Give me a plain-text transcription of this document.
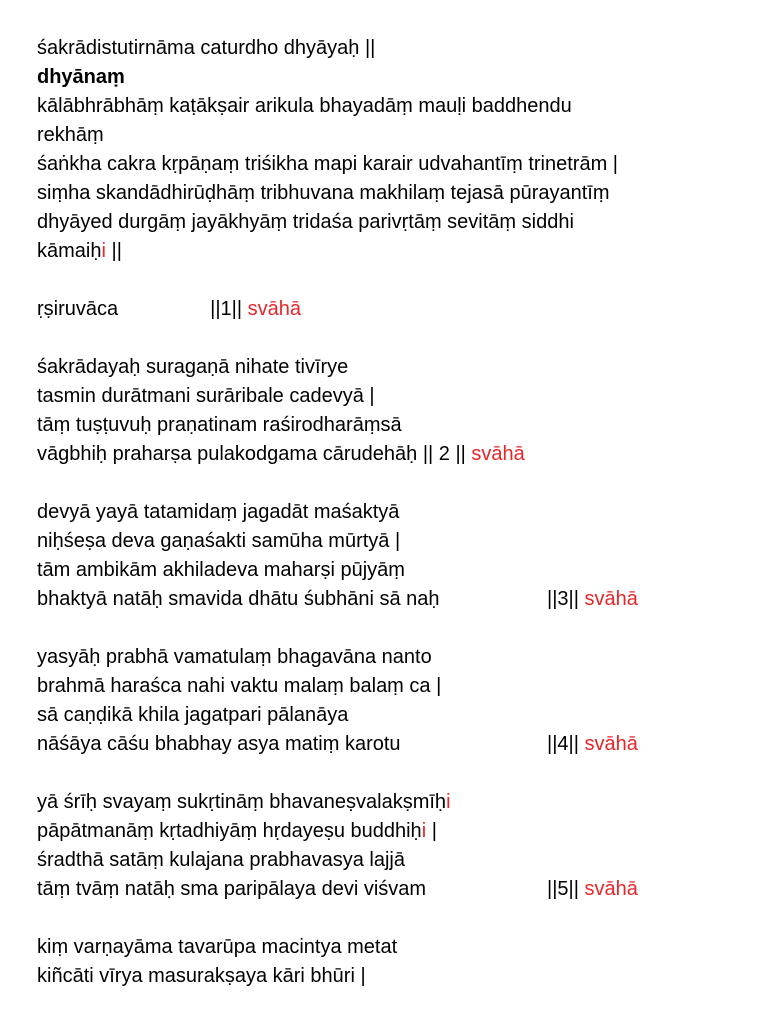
śakrādistutirnāma caturdho dhyāyaḥ ||
dhyānaṃ
kālābhrābhāṃ kaṭākṣair arikula bhayadāṃ mauḷi baddhendu
rekhāṃ
śaṅkha cakra kṛpāṇaṃ triśikha mapi karair udvahantīṃ trinetrām |
siṃha skandādhirūḍhāṃ tribhuvana makhilaṃ tejasā pūrayantīṃ
dhyāyed durgāṃ jayākhyāṃ tridaśa parivṛtāṃ sevitāṃ siddhi
kāmaiḥi ||
ṛṣiruvāca	||1|| svāhā
śakrādayaḥ suragaṇā nihate tivīrye
tasmin durātmani surāribale cadevyā |
tāṃ tuṣṭuvuḥ praṇatinam raśirodharāṃsā
vāgbhiḥ praharṣa pulakodgama cārudehāḥ || 2 || svāhā
devyā yayā tatamidaṃ jagadāt maśaktyā
niḥśeṣa deva gaṇaśakti samūha mūrtyā |
tām ambikām akhiladeva maharṣi pūjyāṃ
bhaktyā natāḥ smavida dhātu śubhāni sā naḥ	||3|| svāhā
yasyāḥ prabhā vamatulaṃ bhagavāna nanto
brahmā haraśca nahi vaktu malaṃ balaṃ ca |
sā caṇḍikā khila jagatpari pālanāya
nāśāya cāśu bhabhay asya matiṃ karotu	||4|| svāhā
yā śrīḥ svayaṃ sukṛtināṃ bhavaneṣvalakṣmīḥi
pāpātmanāṃ kṛtadhiyāṃ hṛdayeṣu buddhiḥi |
śradthā satāṃ kulajana prabhavasya lajjā
tāṃ tvāṃ natāḥ sma paripālaya devi viśvam	||5|| svāhā
kiṃ varṇayāma tavarūpa macintya metat
kiñcāti vīrya masurakṣaya kāri bhūri |
